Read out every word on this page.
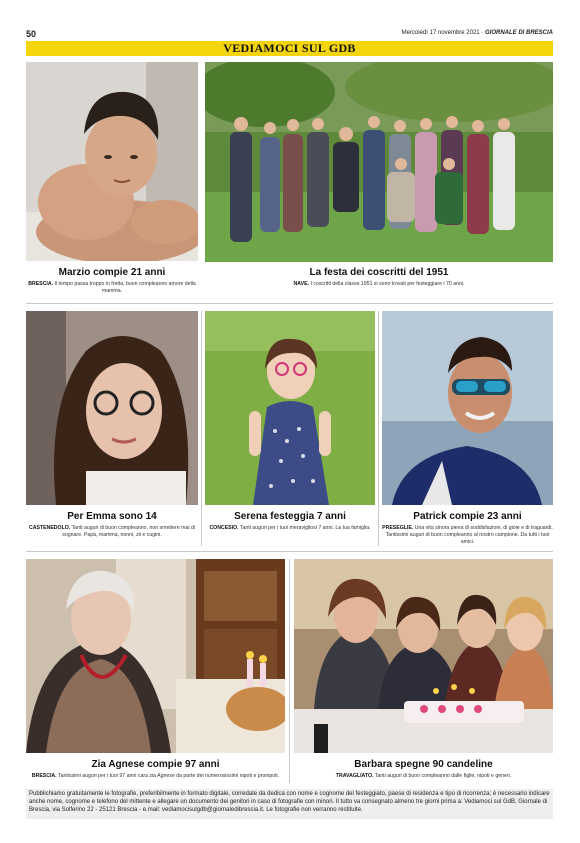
50	Mercoledì 17 novembre 2021 · GIORNALE DI BRESCIA
VEDIAMOCI SUL GDB
Marzio compie 21 anni

BRESCIA. Il tempo passa troppo in fretta, buon compleanno amore della mamma.

La festa dei coscritti del 1951

NAVE. I coscritti della classe 1951 si sono trovati per festeggiare i 70 anni.

Per Emma sono 14

CASTENEDOLO. Tanti auguri di buon compleanno, non smettere mai di sognare. Papà, mamma, nonni, zii e cugini.

Serena festeggia 7 anni

CONCESIO. Tanti auguri per i tuoi meravigliosi 7 anni. La tua famiglia.

Patrick compie 23 anni

PRESEGLIE. Una vita sinora piena di soddisfazioni, di gioie e di traguardi. Tantissimi auguri di buon compleanno al nostro campione. Da tutti i tuoi amici.

Zia Agnese compie 97 anni

BRESCIA. Tantissimi auguri per i tuoi 97 anni cara zia Agnese da parte dei numerosissimi nipoti e pronipoti.

Barbara spegne 90 candeline

TRAVAGLIATO. Tanti auguri di buon compleanno dalle figlie, nipoti e generi.

Pubblichiamo gratuitamente le fotografie, preferibilmente in formato digitale, corredate da dedica con nome e cognome del festeggiato, paese di residenza e tipo di ricorrenza; è necessario indicare anche nome, cognome e telefono del mittente e allegare un documento dei genitori in caso di fotografie con minori. Il tutto va consegnato almeno tre giorni prima a: Vediamoci sul GdB, Giornale di Brescia, via Solferino 22 - 25121 Brescia - e.mail: vediamocisulgdb@giornaledibrescia.it. Le fotografie non verranno restituite.
